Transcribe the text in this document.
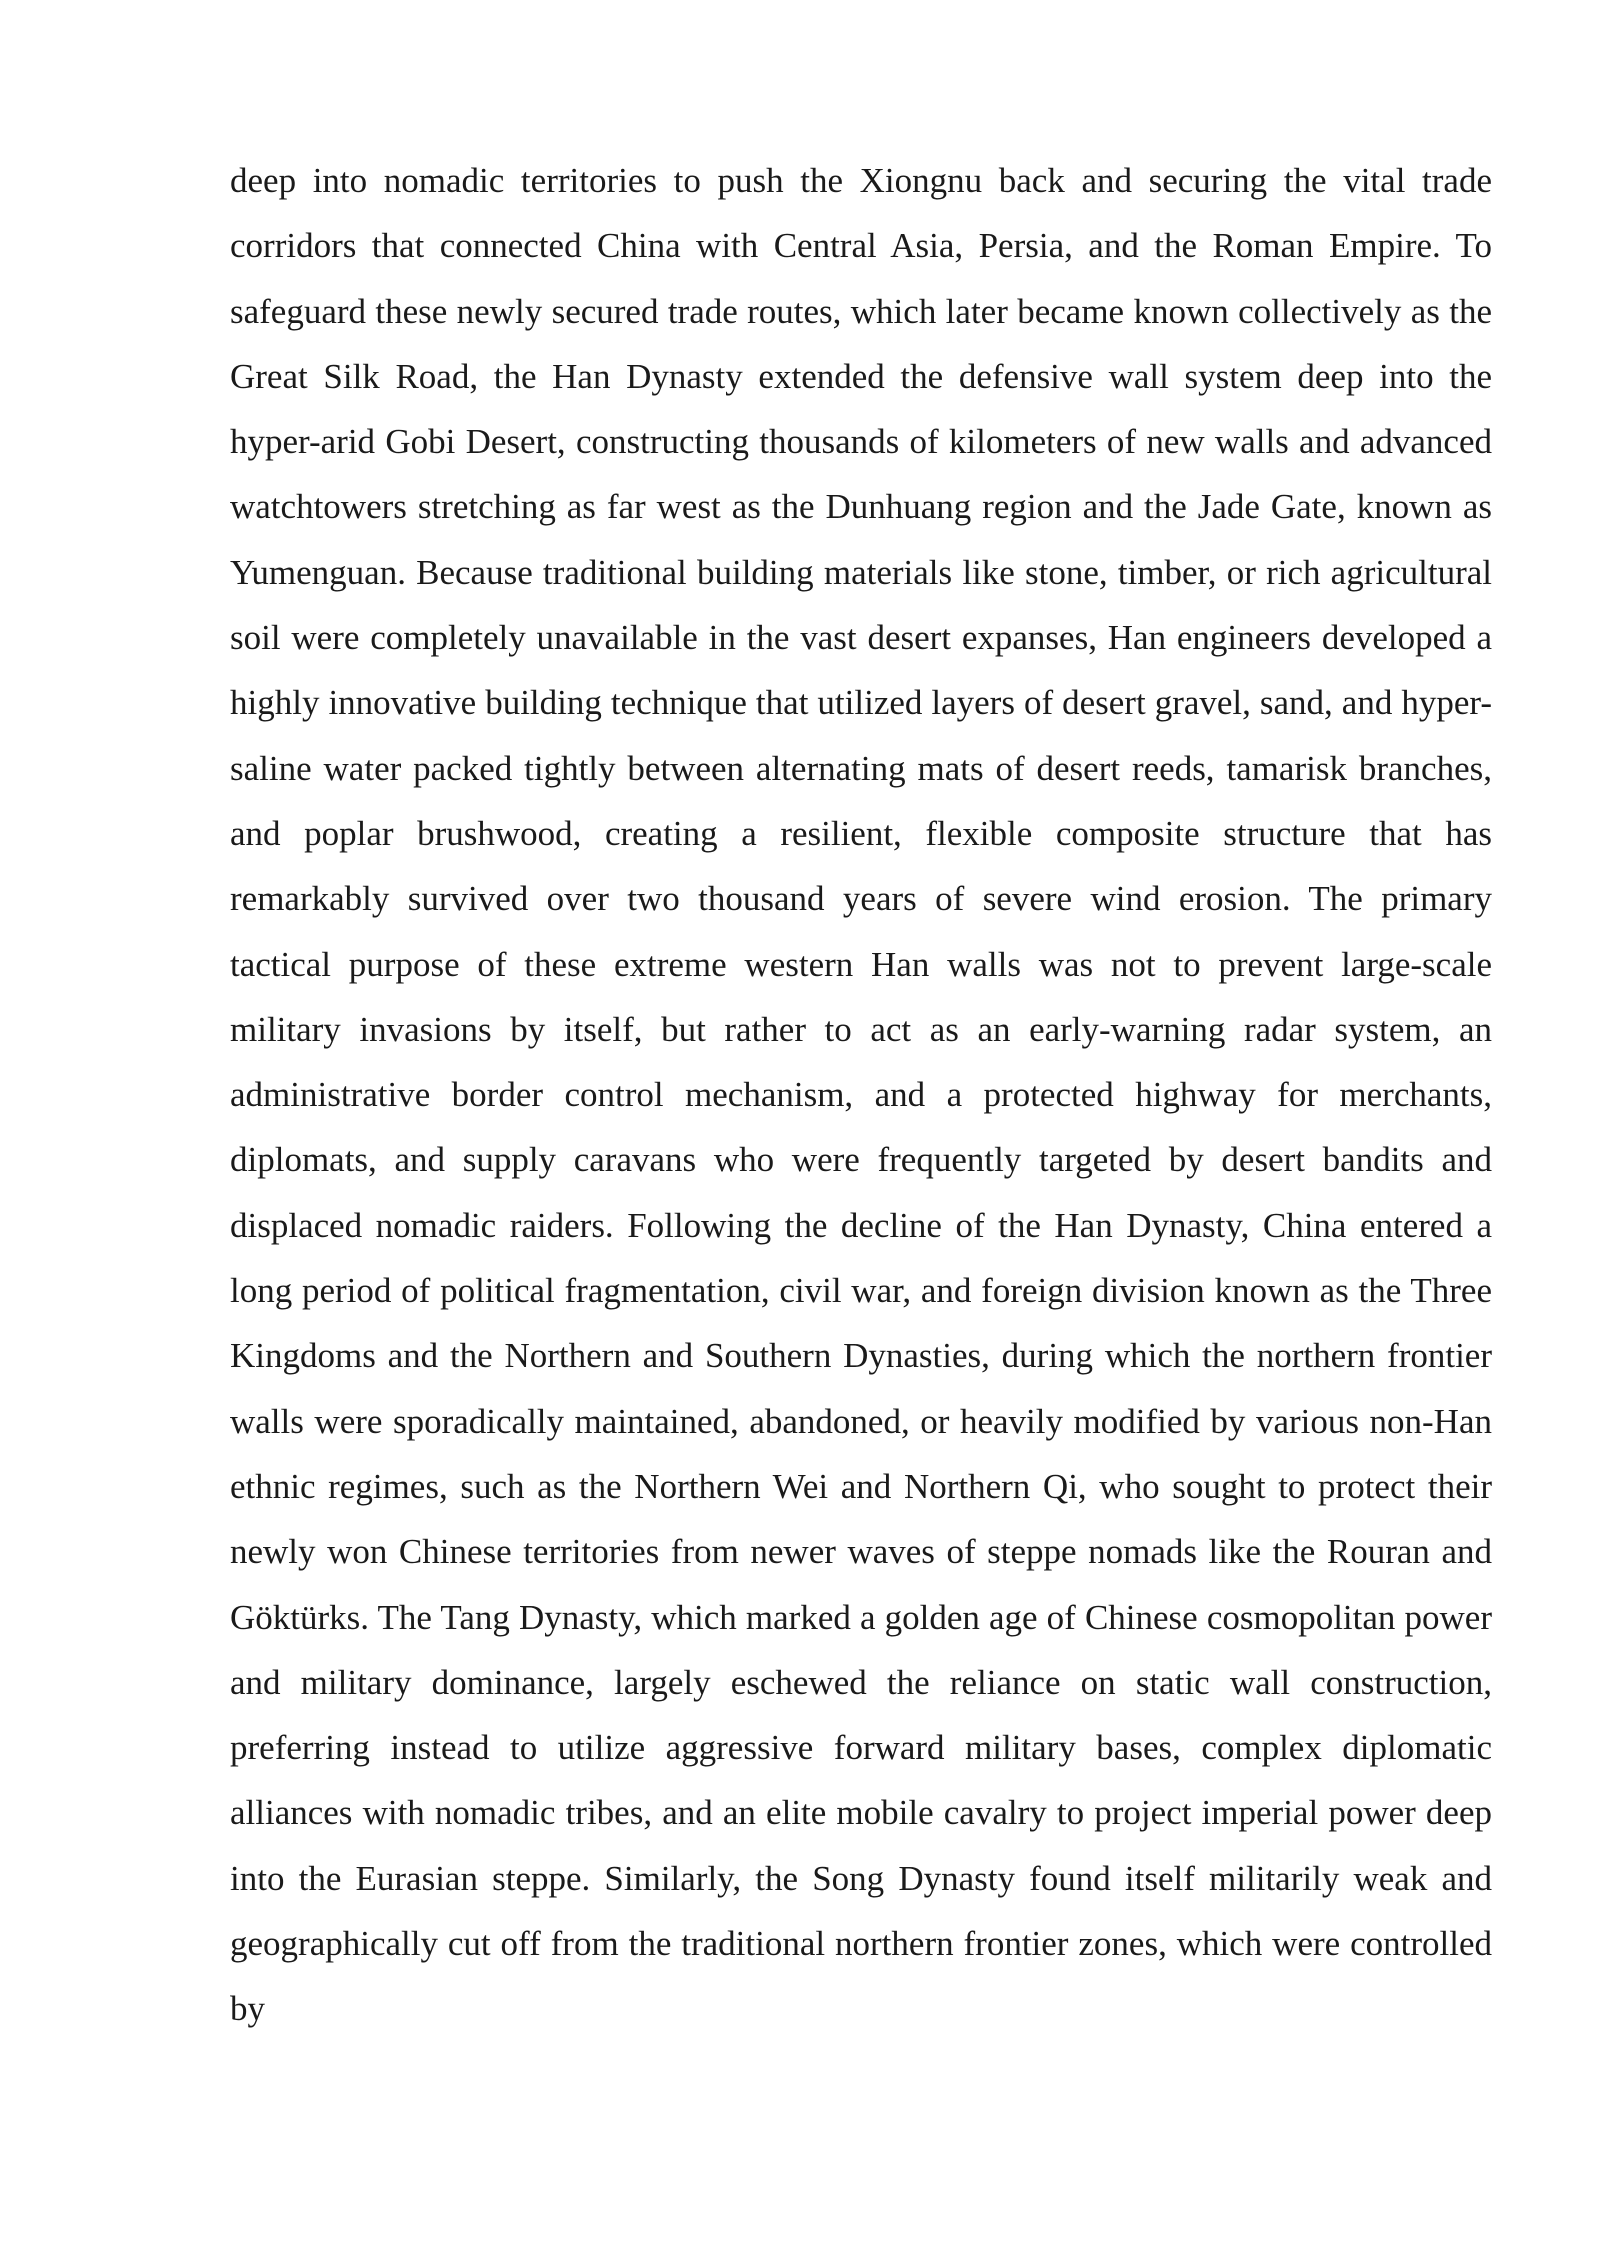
deep into nomadic territories to push the Xiongnu back and securing the vital trade corridors that connected China with Central Asia, Persia, and the Roman Empire. To safeguard these newly secured trade routes, which later became known collectively as the Great Silk Road, the Han Dynasty extended the defensive wall system deep into the hyper-arid Gobi Desert, constructing thousands of kilometers of new walls and advanced watchtowers stretching as far west as the Dunhuang region and the Jade Gate, known as Yumenguan. Because traditional building materials like stone, timber, or rich agricultural soil were completely unavailable in the vast desert expanses, Han engineers developed a highly innovative building technique that utilized layers of desert gravel, sand, and hyper-saline water packed tightly between alternating mats of desert reeds, tamarisk branches, and poplar brushwood, creating a resilient, flexible composite structure that has remarkably survived over two thousand years of severe wind erosion. The primary tactical purpose of these extreme western Han walls was not to prevent large-scale military invasions by itself, but rather to act as an early-warning radar system, an administrative border control mechanism, and a protected highway for merchants, diplomats, and supply caravans who were frequently targeted by desert bandits and displaced nomadic raiders. Following the decline of the Han Dynasty, China entered a long period of political fragmentation, civil war, and foreign division known as the Three Kingdoms and the Northern and Southern Dynasties, during which the northern frontier walls were sporadically maintained, abandoned, or heavily modified by various non-Han ethnic regimes, such as the Northern Wei and Northern Qi, who sought to protect their newly won Chinese territories from newer waves of steppe nomads like the Rouran and Göktürks. The Tang Dynasty, which marked a golden age of Chinese cosmopolitan power and military dominance, largely eschewed the reliance on static wall construction, preferring instead to utilize aggressive forward military bases, complex diplomatic alliances with nomadic tribes, and an elite mobile cavalry to project imperial power deep into the Eurasian steppe. Similarly, the Song Dynasty found itself militarily weak and geographically cut off from the traditional northern frontier zones, which were controlled by
